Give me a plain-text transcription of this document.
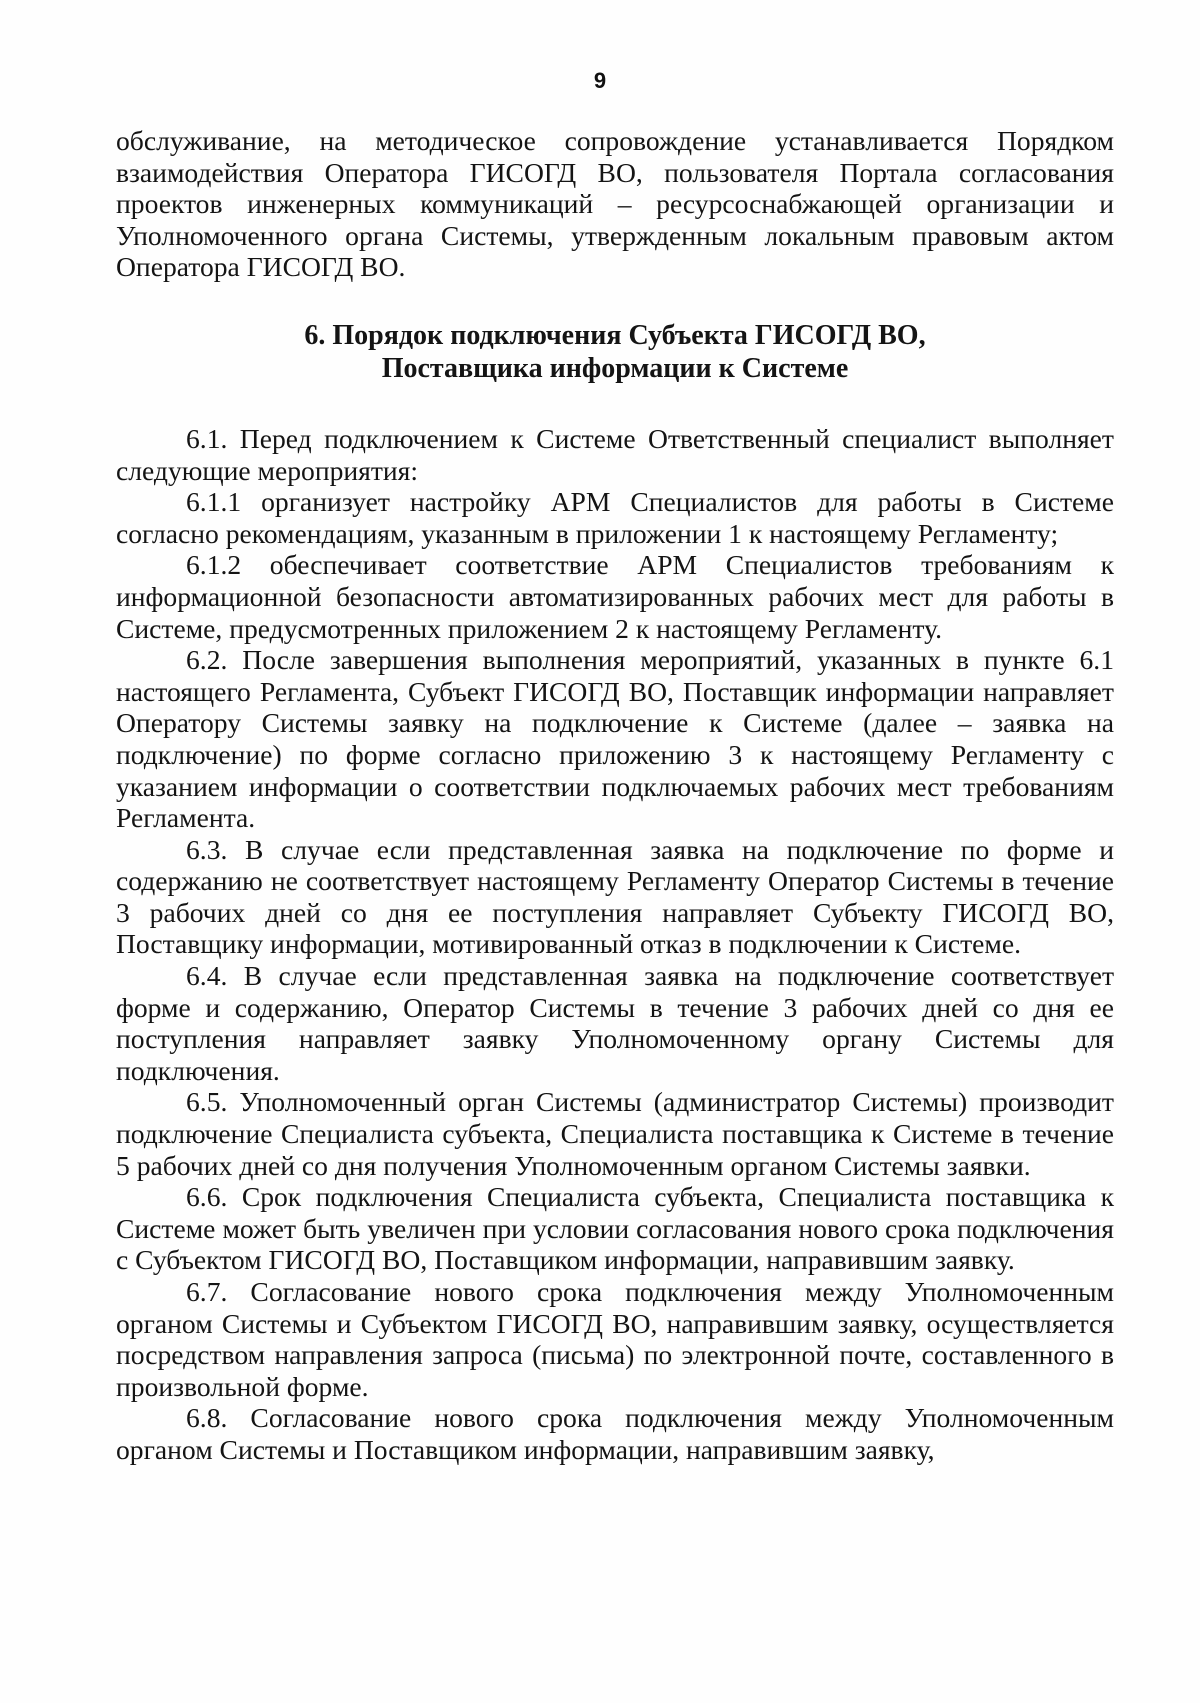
9

обслуживание, на методическое сопровождение устанавливается Порядком взаимодействия Оператора ГИСОГД ВО, пользователя Портала согласования проектов инженерных коммуникаций – ресурсоснабжающей организации и Уполномоченного органа Системы, утвержденным локальным правовым актом Оператора ГИСОГД ВО.

6. Порядок подключения Субъекта ГИСОГД ВО,
Поставщика информации к Системе

6.1. Перед подключением к Системе Ответственный специалист выполняет следующие мероприятия:

6.1.1 организует настройку АРМ Специалистов для работы в Системе согласно рекомендациям, указанным в приложении 1 к настоящему Регламенту;

6.1.2 обеспечивает соответствие АРМ Специалистов требованиям к информационной безопасности автоматизированных рабочих мест для работы в Системе, предусмотренных приложением 2 к настоящему Регламенту.

6.2. После завершения выполнения мероприятий, указанных в пункте 6.1 настоящего Регламента, Субъект ГИСОГД ВО, Поставщик информации направляет Оператору Системы заявку на подключение к Системе (далее – заявка на подключение) по форме согласно приложению 3 к настоящему Регламенту с указанием информации о соответствии подключаемых рабочих мест требованиям Регламента.

6.3. В случае если представленная заявка на подключение по форме и содержанию не соответствует настоящему Регламенту Оператор Системы в течение 3 рабочих дней со дня ее поступления направляет Субъекту ГИСОГД ВО, Поставщику информации, мотивированный отказ в подключении к Системе.

6.4. В случае если представленная заявка на подключение соответствует форме и содержанию, Оператор Системы в течение 3 рабочих дней со дня ее поступления направляет заявку Уполномоченному органу Системы для подключения.

6.5. Уполномоченный орган Системы (администратор Системы) производит подключение Специалиста субъекта, Специалиста поставщика к Системе в течение 5 рабочих дней со дня получения Уполномоченным органом Системы заявки.

6.6. Срок подключения Специалиста субъекта, Специалиста поставщика к Системе может быть увеличен при условии согласования нового срока подключения с Субъектом ГИСОГД ВО, Поставщиком информации, направившим заявку.

6.7. Согласование нового срока подключения между Уполномоченным органом Системы и Субъектом ГИСОГД ВО, направившим заявку, осуществляется посредством направления запроса (письма) по электронной почте, составленного в произвольной форме.

6.8. Согласование нового срока подключения между Уполномоченным органом Системы и Поставщиком информации, направившим заявку,
